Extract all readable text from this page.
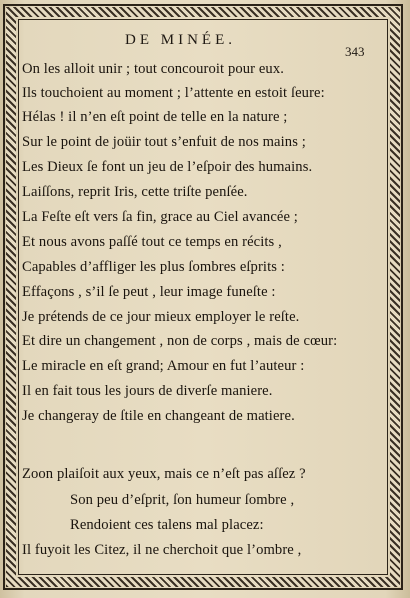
DE MINÉE.
343
On les alloit unir ; tout concouroit pour eux.
Ils touchoient au moment ; l’attente en estoit ſeure:
Hélas ! il n’en eſt point de telle en la nature ;
Sur le point de joüir tout s’enfuit de nos mains ;
Les Dieux ſe font un jeu de l’eſpoir des humains.
Laiſſons, reprit Iris, cette triſte penſée.
La Feſte eſt vers ſa fin, grace au Ciel avancée ;
Et nous avons paſſé tout ce temps en récits ,
Capables d’affliger les plus ſombres eſprits :
Effaçons , s’il ſe peut , leur image funeſte :
Je prétends de ce jour mieux employer le reſte.
Et dire un changement , non de corps , mais de cœur:
Le miracle en eſt grand; Amour en fut l’auteur :
Il en fait tous les jours de diverſe maniere.
Je changeray de ſtile en changeant de matiere.
Zoon plaiſoit aux yeux, mais ce n’eſt pas aſſez ?
Son peu d’eſprit, ſon humeur ſombre ,
Rendoient ces talens mal placez:
Il fuyoit les Citez, il ne cherchoit que l’ombre ,
